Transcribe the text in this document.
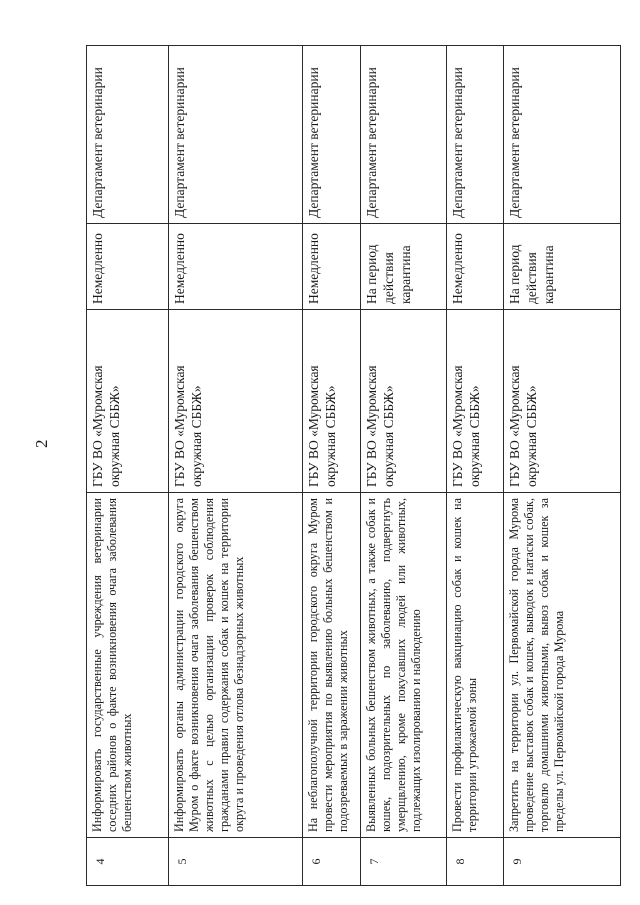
2
4	Информировать государственные учреждения ветеринарии соседних районов о факте возникновения очага заболевания бешенством животных	ГБУ ВО «Муромская окружная СББЖ»	Немедленно	Департамент ветеринарии
5	Информировать органы администрации городского округа Муром о факте возникновения очага заболевания бешенством животных с целью организации проверок соблюдения гражданами правил содержания собак и кошек на территории округа и проведения отлова безнадзорных животных	ГБУ ВО «Муромская окружная СББЖ»	Немедленно	Департамент ветеринарии
6	На неблагополучной территории городского округа Муром провести мероприятия по выявлению больных бешенством и подозреваемых в заражении животных	ГБУ ВО «Муромская окружная СББЖ»	Немедленно	Департамент ветеринарии
7	Выявленных больных бешенством животных, а также собак и кошек, подозрительных по заболеванию, подвергнуть умерщвлению, кроме покусавших людей или животных, подлежащих изолированию и наблюдению	ГБУ ВО «Муромская окружная СББЖ»	На период действия карантина	Департамент ветеринарии
8	Провести профилактическую вакцинацию собак и кошек на территории угрожаемой зоны	ГБУ ВО «Муромская окружная СББЖ»	Немедленно	Департамент ветеринарии
9	Запретить на территории ул. Первомайской города Мурома проведение выставок собак и кошек, выводок и натаски собак, торговлю домашними животными, вывоз собак и кошек за пределы ул. Первомайской города Мурома	ГБУ ВО «Муромская окружная СББЖ»	На период действия карантина	Департамент ветеринарии
